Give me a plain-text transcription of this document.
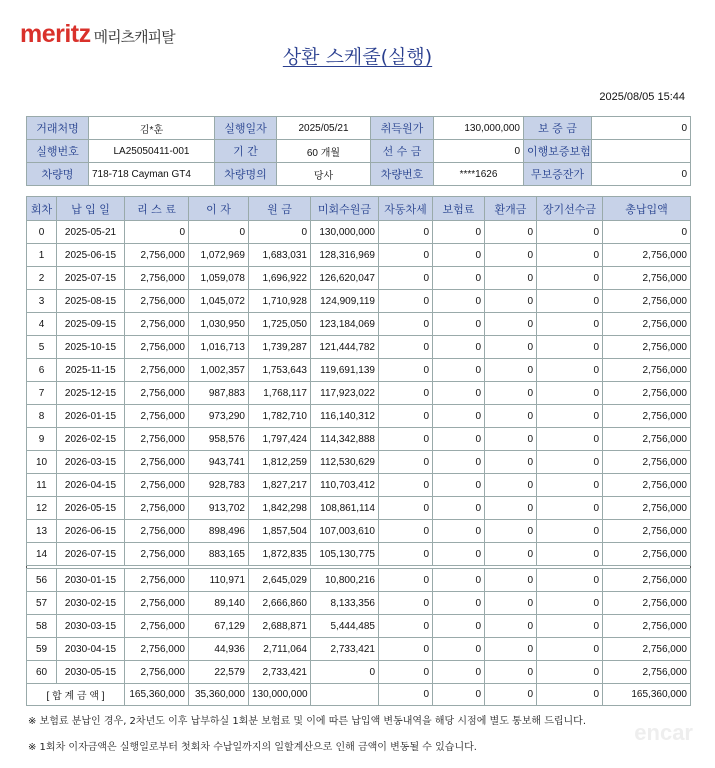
meritz 메리츠캐피탈
상환 스케줄(실행)
2025/08/05 15:44
거래처명	김*훈	실행일자	2025/05/21	취득원가	130,000,000	보 증 금	0
실행번호	LA25050411-001	기 간	60 개월	선 수 금	0	이행보증보험	
차량명	718-718 Cayman GT4	차량명의	당사	차량번호	****1626	무보증잔가	0
회차	납 입 일	리 스 료	이 자	원 금	미회수원금	자동차세	보험료	환개금	장기선수금	총납입액
0	2025-05-21	0	0	0	130,000,000	0	0	0	0	0
1	2025-06-15	2,756,000	1,072,969	1,683,031	128,316,969	0	0	0	0	2,756,000
2	2025-07-15	2,756,000	1,059,078	1,696,922	126,620,047	0	0	0	0	2,756,000
3	2025-08-15	2,756,000	1,045,072	1,710,928	124,909,119	0	0	0	0	2,756,000
4	2025-09-15	2,756,000	1,030,950	1,725,050	123,184,069	0	0	0	0	2,756,000
5	2025-10-15	2,756,000	1,016,713	1,739,287	121,444,782	0	0	0	0	2,756,000
6	2025-11-15	2,756,000	1,002,357	1,753,643	119,691,139	0	0	0	0	2,756,000
7	2025-12-15	2,756,000	987,883	1,768,117	117,923,022	0	0	0	0	2,756,000
8	2026-01-15	2,756,000	973,290	1,782,710	116,140,312	0	0	0	0	2,756,000
9	2026-02-15	2,756,000	958,576	1,797,424	114,342,888	0	0	0	0	2,756,000
10	2026-03-15	2,756,000	943,741	1,812,259	112,530,629	0	0	0	0	2,756,000
11	2026-04-15	2,756,000	928,783	1,827,217	110,703,412	0	0	0	0	2,756,000
12	2026-05-15	2,756,000	913,702	1,842,298	108,861,114	0	0	0	0	2,756,000
13	2026-06-15	2,756,000	898,496	1,857,504	107,003,610	0	0	0	0	2,756,000
14	2026-07-15	2,756,000	883,165	1,872,835	105,130,775	0	0	0	0	2,756,000

56	2030-01-15	2,756,000	110,971	2,645,029	10,800,216	0	0	0	0	2,756,000
57	2030-02-15	2,756,000	89,140	2,666,860	8,133,356	0	0	0	0	2,756,000
58	2030-03-15	2,756,000	67,129	2,688,871	5,444,485	0	0	0	0	2,756,000
59	2030-04-15	2,756,000	44,936	2,711,064	2,733,421	0	0	0	0	2,756,000
60	2030-05-15	2,756,000	22,579	2,733,421	0	0	0	0	0	2,756,000
[ 합 계 금 액 ]		165,360,000	35,360,000	130,000,000		0	0	0	0	165,360,000
※ 보험료 분납인 경우, 2차년도 이후 납부하실 1회분 보험료 및 이에 따른 납입액 변동내역을 해당 시점에 별도 통보해 드립니다.
※ 1회차 이자금액은 실행일로부터 첫회차 수납일까지의 일할계산으로 인해 금액이 변동될 수 있습니다.
encar
